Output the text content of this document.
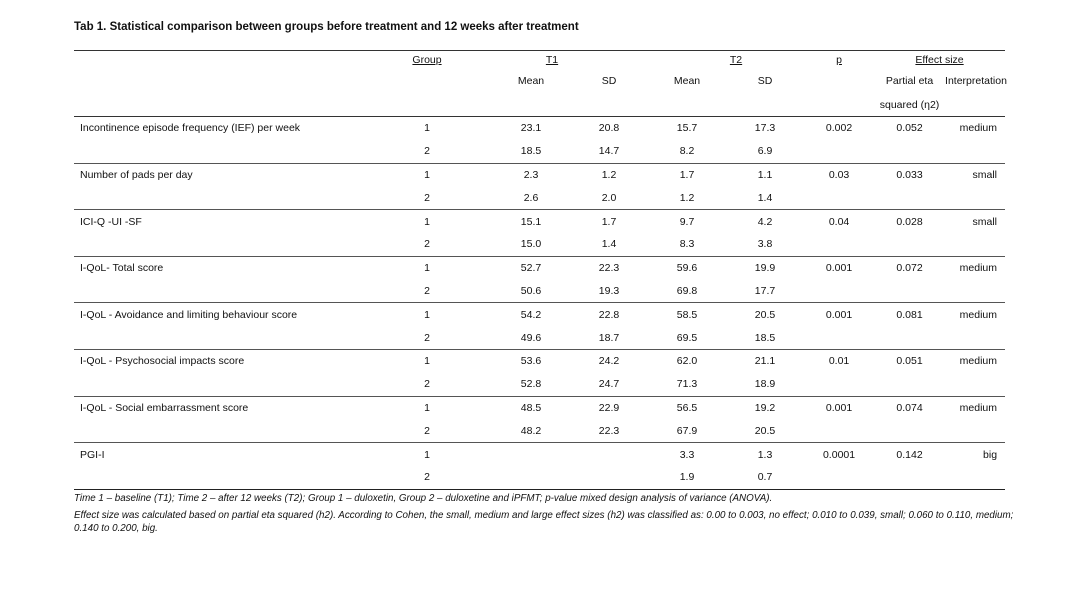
Tab 1. Statistical comparison between groups before treatment and 12 weeks after treatment
	Group	T1		T2		p	Effect size	
		Mean	SD	Mean	SD		Partial eta	Interpretation
							squared (η2)	
Incontinence episode frequency (IEF) per week	1	23.1	20.8	15.7	17.3	0.002	0.052	medium
	2	18.5	14.7	8.2	6.9			
Number of pads per day	1	2.3	1.2	1.7	1.1	0.03	0.033	small
	2	2.6	2.0	1.2	1.4			
ICI-Q -UI -SF	1	15.1	1.7	9.7	4.2	0.04	0.028	small
	2	15.0	1.4	8.3	3.8			
I-QoL- Total score	1	52.7	22.3	59.6	19.9	0.001	0.072	medium
	2	50.6	19.3	69.8	17.7			
I-QoL - Avoidance and limiting behaviour score	1	54.2	22.8	58.5	20.5	0.001	0.081	medium
	2	49.6	18.7	69.5	18.5			
I-QoL - Psychosocial impacts score	1	53.6	24.2	62.0	21.1	0.01	0.051	medium
	2	52.8	24.7	71.3	18.9			
I-QoL - Social embarrassment score	1	48.5	22.9	56.5	19.2	0.001	0.074	medium
	2	48.2	22.3	67.9	20.5			
PGI-I	1			3.3	1.3	0.0001	0.142	big
	2			1.9	0.7			

Time 1 – baseline (T1); Time 2 – after 12 weeks (T2); Group 1 – duloxetin, Group 2 – duloxetine and iPFMT; p-value mixed design analysis of variance (ANOVA).

Effect size was calculated based on partial eta squared (h2). According to Cohen, the small, medium and large effect sizes (h2) was classified as: 0.00 to 0.003, no effect; 0.010 to 0.039, small; 0.060 to 0.110, medium; 0.140 to 0.200, big.
